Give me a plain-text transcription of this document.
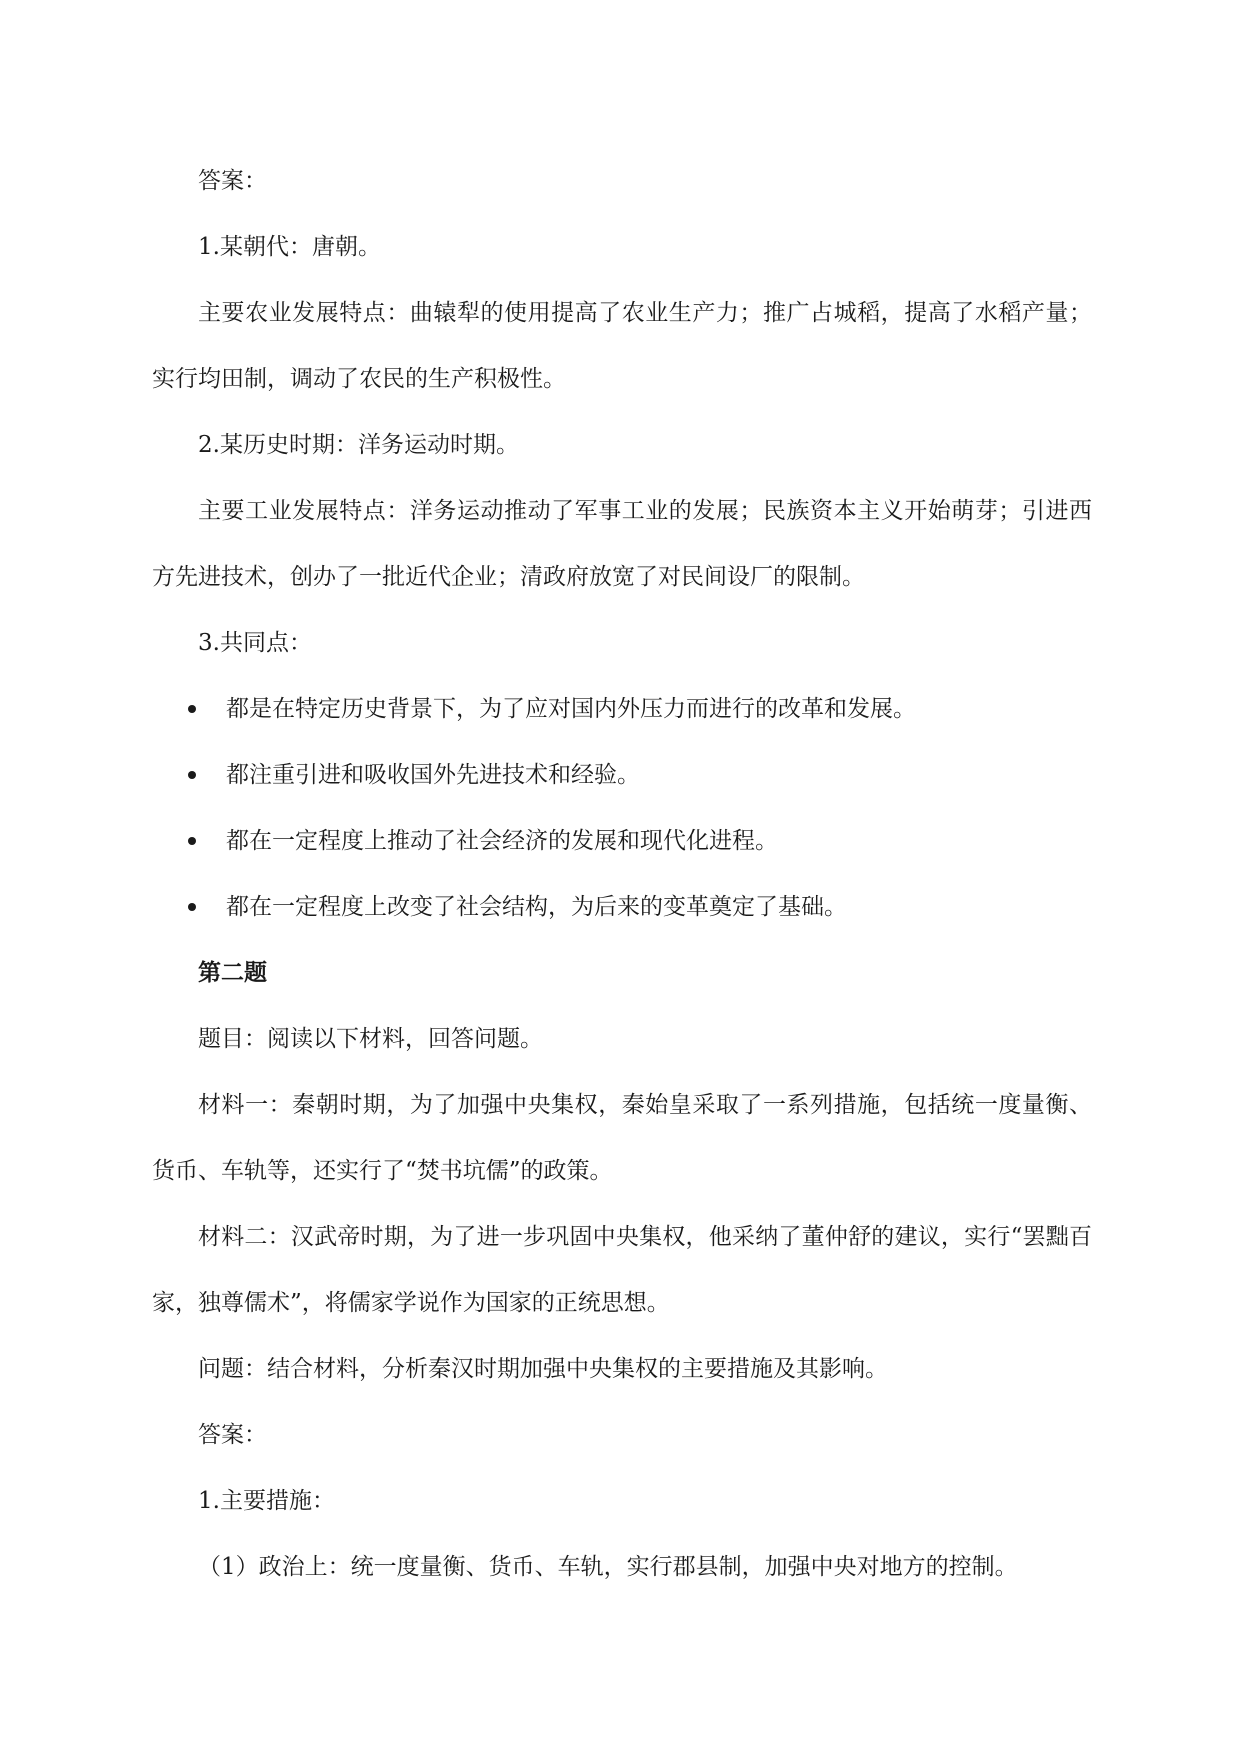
答案：

1.某朝代：唐朝。

主要农业发展特点：曲辕犁的使用提高了农业生产力；推广占城稻，提高了水稻产量；实行均田制，调动了农民的生产积极性。

2.某历史时期：洋务运动时期。

主要工业发展特点：洋务运动推动了军事工业的发展；民族资本主义开始萌芽；引进西方先进技术，创办了一批近代企业；清政府放宽了对民间设厂的限制。

3.共同点：

都是在特定历史背景下，为了应对国内外压力而进行的改革和发展。
都注重引进和吸收国外先进技术和经验。
都在一定程度上推动了社会经济的发展和现代化进程。
都在一定程度上改变了社会结构，为后来的变革奠定了基础。

第二题

题目：阅读以下材料，回答问题。

材料一：秦朝时期，为了加强中央集权，秦始皇采取了一系列措施，包括统一度量衡、货币、车轨等，还实行了“焚书坑儒”的政策。

材料二：汉武帝时期，为了进一步巩固中央集权，他采纳了董仲舒的建议，实行“罢黜百家，独尊儒术”，将儒家学说作为国家的正统思想。

问题：结合材料，分析秦汉时期加强中央集权的主要措施及其影响。

答案：

1.主要措施：

（1）政治上：统一度量衡、货币、车轨，实行郡县制，加强中央对地方的控制。
